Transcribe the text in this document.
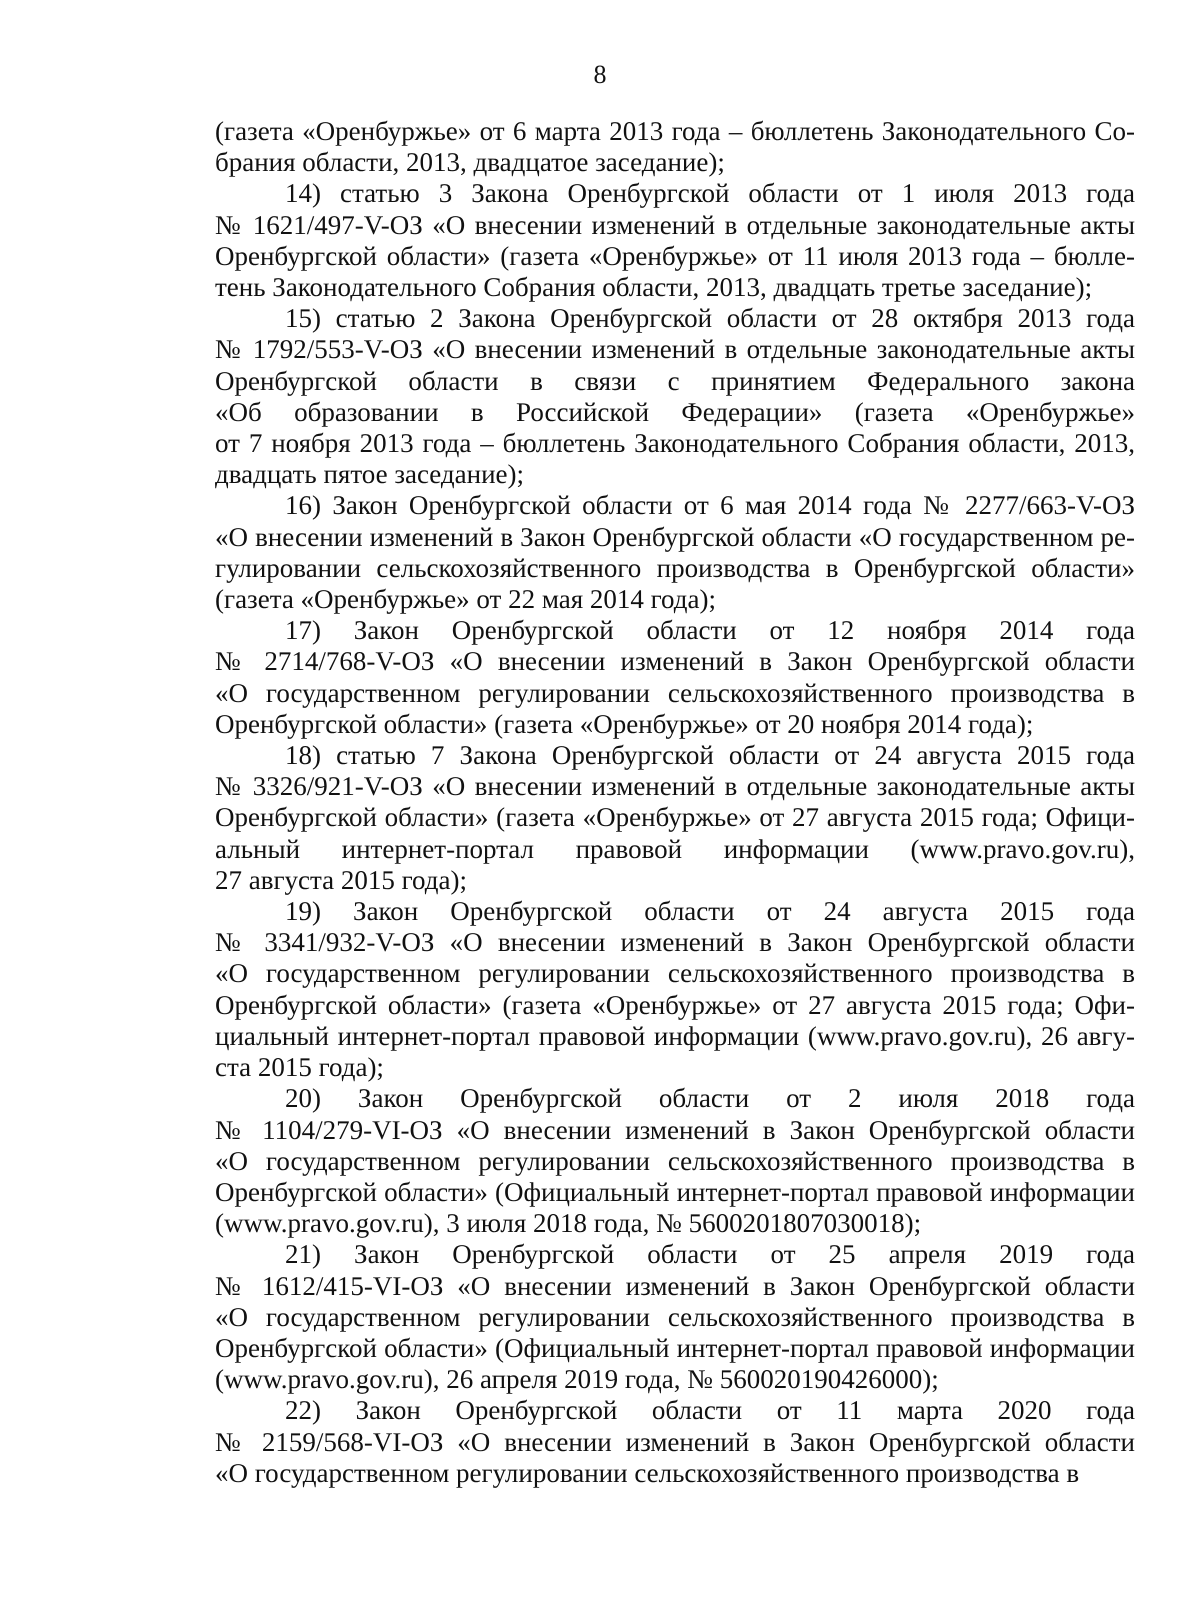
8
(газета «Оренбуржье» от 6 марта 2013 года – бюллетень Законодательного Со-
брания области, 2013, двадцатое заседание);
14) статью 3 Закона Оренбургской области от 1 июля 2013 года
№ 1621/497-V-ОЗ «О внесении изменений в отдельные законодательные акты
Оренбургской области» (газета «Оренбуржье» от 11 июля 2013 года – бюлле-
тень Законодательного Собрания области, 2013, двадцать третье заседание);
15) статью 2 Закона Оренбургской области от 28 октября 2013 года
№ 1792/553-V-ОЗ «О внесении изменений в отдельные законодательные акты
Оренбургской области в связи с принятием Федерального закона
«Об образовании в Российской Федерации» (газета «Оренбуржье»
от 7 ноября 2013 года – бюллетень Законодательного Собрания области, 2013,
двадцать пятое заседание);
16) Закон Оренбургской области от 6 мая 2014 года № 2277/663-V-ОЗ
«О внесении изменений в Закон Оренбургской области «О государственном ре-
гулировании сельскохозяйственного производства в Оренбургской области»
(газета «Оренбуржье» от 22 мая 2014 года);
17) Закон Оренбургской области от 12 ноября 2014 года
№ 2714/768-V-ОЗ «О внесении изменений в Закон Оренбургской области
«О государственном регулировании сельскохозяйственного производства в
Оренбургской области» (газета «Оренбуржье» от 20 ноября 2014 года);
18) статью 7 Закона Оренбургской области от 24 августа 2015 года
№ 3326/921-V-ОЗ «О внесении изменений в отдельные законодательные акты
Оренбургской области» (газета «Оренбуржье» от 27 августа 2015 года; Офици-
альный интернет-портал правовой информации (www.pravo.gov.ru),
27 августа 2015 года);
19) Закон Оренбургской области от 24 августа 2015 года
№ 3341/932-V-ОЗ «О внесении изменений в Закон Оренбургской области
«О государственном регулировании сельскохозяйственного производства в
Оренбургской области» (газета «Оренбуржье» от 27 августа 2015 года; Офи-
циальный интернет-портал правовой информации (www.pravo.gov.ru), 26 авгу-
ста 2015 года);
20) Закон Оренбургской области от 2 июля 2018 года
№ 1104/279-VI-ОЗ «О внесении изменений в Закон Оренбургской области
«О государственном регулировании сельскохозяйственного производства в
Оренбургской области» (Официальный интернет-портал правовой информации
(www.pravo.gov.ru), 3 июля 2018 года, № 5600201807030018);
21) Закон Оренбургской области от 25 апреля 2019 года
№ 1612/415-VI-ОЗ «О внесении изменений в Закон Оренбургской области
«О государственном регулировании сельскохозяйственного производства в
Оренбургской области» (Официальный интернет-портал правовой информации
(www.pravo.gov.ru), 26 апреля 2019 года, № 560020190426000);
22) Закон Оренбургской области от 11 марта 2020 года
№ 2159/568-VI-ОЗ «О внесении изменений в Закон Оренбургской области
«О государственном регулировании сельскохозяйственного производства в
